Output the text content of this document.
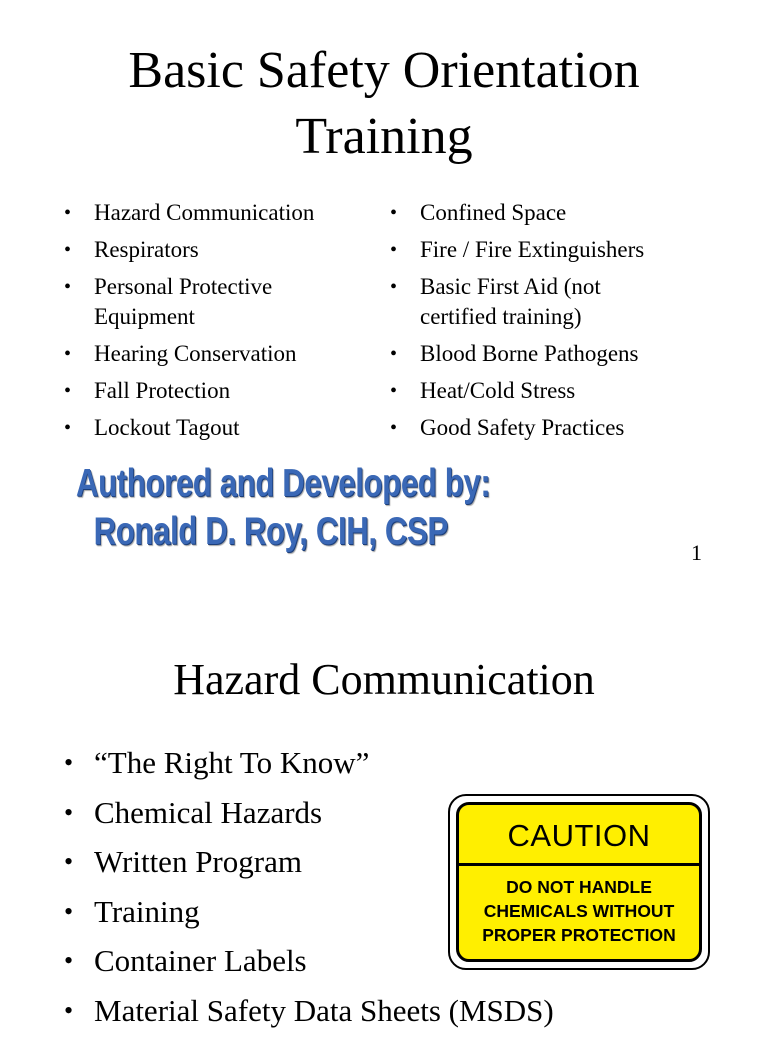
Basic Safety Orientation
Training
• Hazard Communication
• Respirators
• Personal Protective
Equipment
• Hearing Conservation
• Fall Protection
• Lockout Tagout
• Confined Space
• Fire / Fire Extinguishers
• Basic First Aid (not
certified training)
• Blood Borne Pathogens
• Heat/Cold Stress
• Good Safety Practices
Authored and Developed by:
Ronald D. Roy, CIH, CSP	1
Hazard Communication
• “The Right To Know”
• Chemical Hazards
• Written Program
• Training
• Container Labels
• Material Safety Data Sheets (MSDS)
CAUTION
DO NOT HANDLE
CHEMICALS WITHOUT
PROPER PROTECTION
